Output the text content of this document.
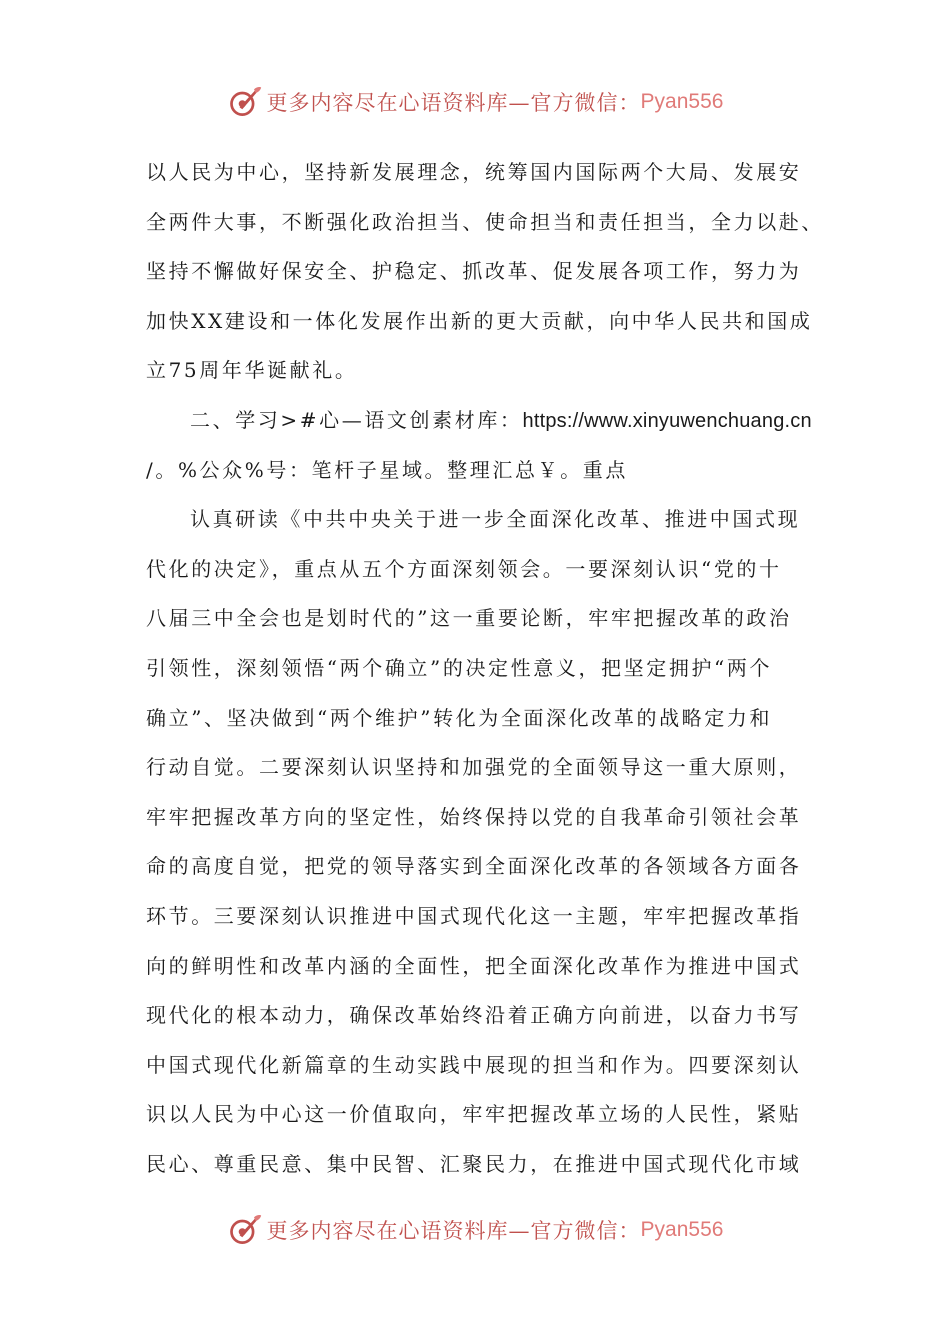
更多内容尽在心语资料库—官方微信： Pyan556
以人民为中心，坚持新发展理念，统筹国内国际两个大局、发展安
全两件大事，不断强化政治担当、使命担当和责任担当，全力以赴、
坚持不懈做好保安全、护稳定、抓改革、促发展各项工作，努力为
加快XX建设和一体化发展作出新的更大贡献，向中华人民共和国成
立75周年华诞献礼。
二、学习>#心—语文创素材库：https://www.xinyuwenchuang.cn
/。%公众%号：笔杆子星域。整理汇总￥。重点
认真研读《中共中央关于进一步全面深化改革、推进中国式现
代化的决定》，重点从五个方面深刻领会。一要深刻认识“党的十
八届三中全会也是划时代的”这一重要论断，牢牢把握改革的政治
引领性，深刻领悟“两个确立”的决定性意义，把坚定拥护“两个
确立”、坚决做到“两个维护”转化为全面深化改革的战略定力和
行动自觉。二要深刻认识坚持和加强党的全面领导这一重大原则，
牢牢把握改革方向的坚定性，始终保持以党的自我革命引领社会革
命的高度自觉，把党的领导落实到全面深化改革的各领域各方面各
环节。三要深刻认识推进中国式现代化这一主题，牢牢把握改革指
向的鲜明性和改革内涵的全面性，把全面深化改革作为推进中国式
现代化的根本动力，确保改革始终沿着正确方向前进，以奋力书写
中国式现代化新篇章的生动实践中展现的担当和作为。四要深刻认
识以人民为中心这一价值取向，牢牢把握改革立场的人民性，紧贴
民心、尊重民意、集中民智、汇聚民力，在推进中国式现代化市域
更多内容尽在心语资料库—官方微信： Pyan556
